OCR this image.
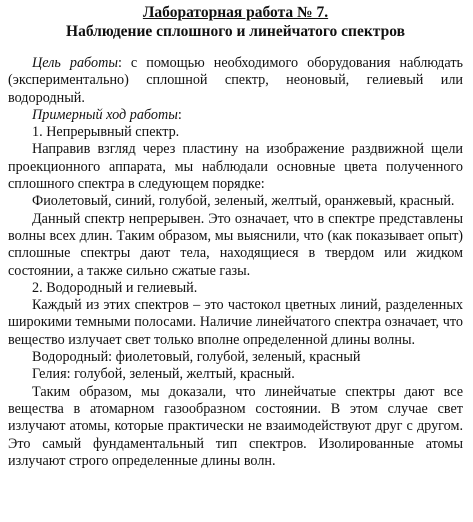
Лабораторная работа № 7.
Наблюдение сплошного и линейчатого спектров

Цель работы: с помощью необходимого оборудования наблюдать (экспериментально) сплошной спектр, неоновый, гелиевый или водородный.

Примерный ход работы:

1. Непрерывный спектр.

Направив взгляд через пластину на изображение раздвижной щели проекционного аппарата, мы наблюдали основные цвета полученного сплошного спектра в следующем порядке:

Фиолетовый, синий, голубой, зеленый, желтый, оранжевый, красный.

Данный спектр непрерывен. Это означает, что в спектре представлены волны всех длин. Таким образом, мы выяснили, что (как показывает опыт) сплошные спектры дают тела, находящиеся в твердом или жидком состоянии, а также сильно сжатые газы.

2. Водородный и гелиевый.

Каждый из этих спектров – это частокол цветных линий, разделенных широкими темными полосами. Наличие линейчатого спектра означает, что вещество излучает свет только вполне определенной длины волны.

Водородный: фиолетовый, голубой, зеленый, красный

Гелия: голубой, зеленый, желтый, красный.

Таким образом, мы доказали, что линейчатые спектры дают все вещества в атомарном газообразном состоянии. В этом случае свет излучают атомы, которые практически не взаимодействуют друг с другом. Это самый фундаментальный тип спектров. Изолированные атомы излучают строго определенные длины волн.
